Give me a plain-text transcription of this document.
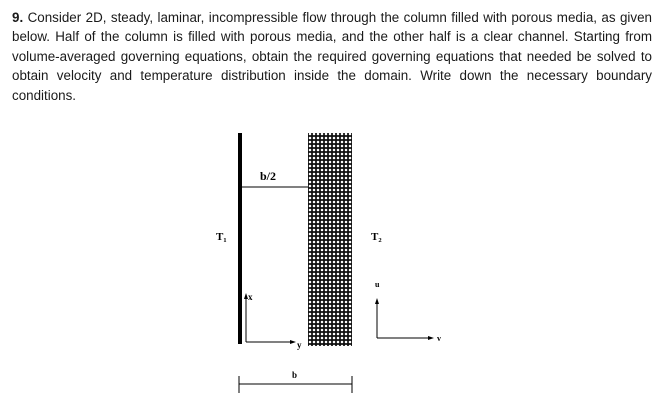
9. Consider 2D, steady, laminar, incompressible flow through the column filled with porous media, as given below. Half of the column is filled with porous media, and the other half is a clear channel. Starting from volume-averaged governing equations, obtain the required governing equations that needed be solved to obtain velocity and temperature distribution inside the domain. Write down the necessary boundary conditions.

b/2
T₁	T₂
x
y
u
v
b
